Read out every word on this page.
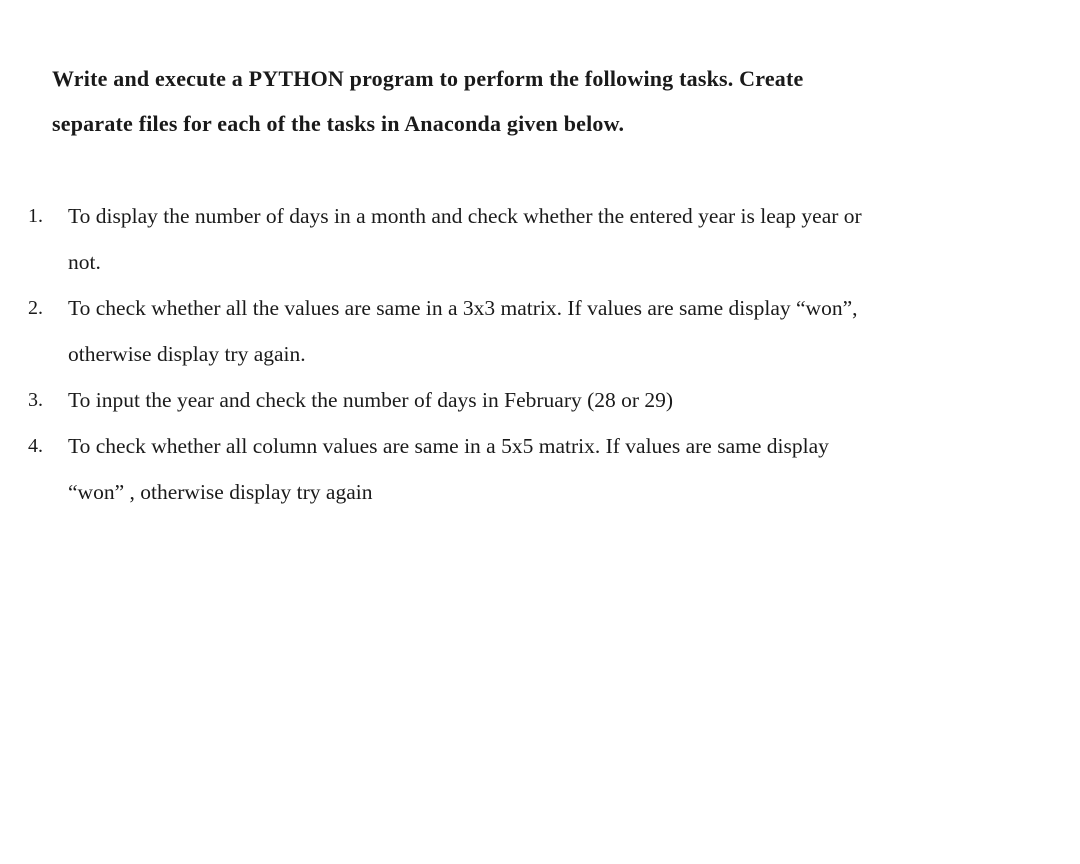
Write and execute a PYTHON program to perform the following tasks. Create
separate files for each of the tasks in Anaconda given below.
1. To display the number of days in a month and check whether the entered year is leap year or
not.
2. To check whether all the values are same in a 3x3 matrix. If values are same display “won”,
otherwise display try again.
3. To input the year and check the number of days in February (28 or 29)
4. To check whether all column values are same in a 5x5 matrix. If values are same display
“won” , otherwise display try again
